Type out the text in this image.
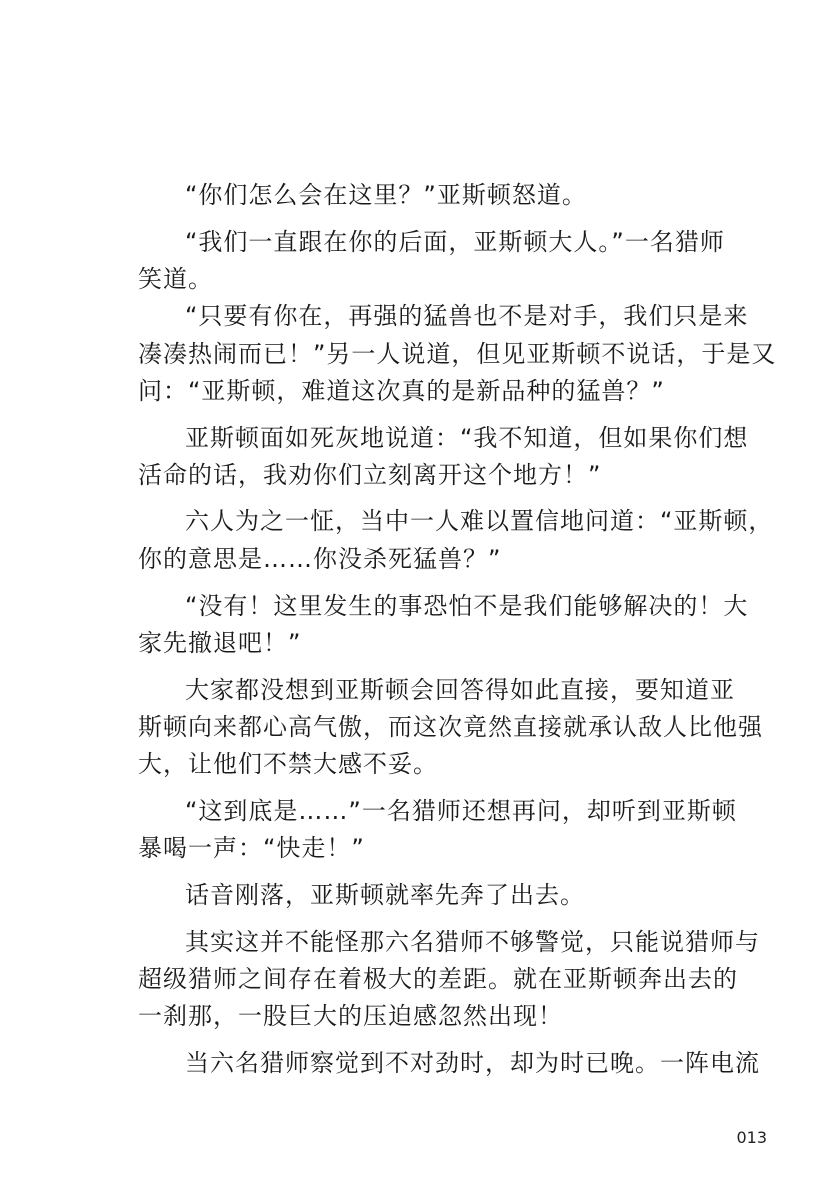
“你们怎么会在这里？”亚斯顿怒道。
“我们一直跟在你的后面，亚斯顿大人。”一名猎师
笑道。
“只要有你在，再强的猛兽也不是对手，我们只是来
凑凑热闹而已！”另一人说道，但见亚斯顿不说话，于是又
问：“亚斯顿，难道这次真的是新品种的猛兽？”
亚斯顿面如死灰地说道：“我不知道，但如果你们想
活命的话，我劝你们立刻离开这个地方！”
六人为之一怔，当中一人难以置信地问道：“亚斯顿，
你的意思是……你没杀死猛兽？”
“没有！这里发生的事恐怕不是我们能够解决的！大
家先撤退吧！”
大家都没想到亚斯顿会回答得如此直接，要知道亚
斯顿向来都心高气傲，而这次竟然直接就承认敌人比他强
大，让他们不禁大感不妥。
“这到底是……”一名猎师还想再问，却听到亚斯顿
暴喝一声：“快走！”
话音刚落，亚斯顿就率先奔了出去。
其实这并不能怪那六名猎师不够警觉，只能说猎师与
超级猎师之间存在着极大的差距。就在亚斯顿奔出去的
一刹那，一股巨大的压迫感忽然出现！
当六名猎师察觉到不对劲时，却为时已晚。一阵电流
013
